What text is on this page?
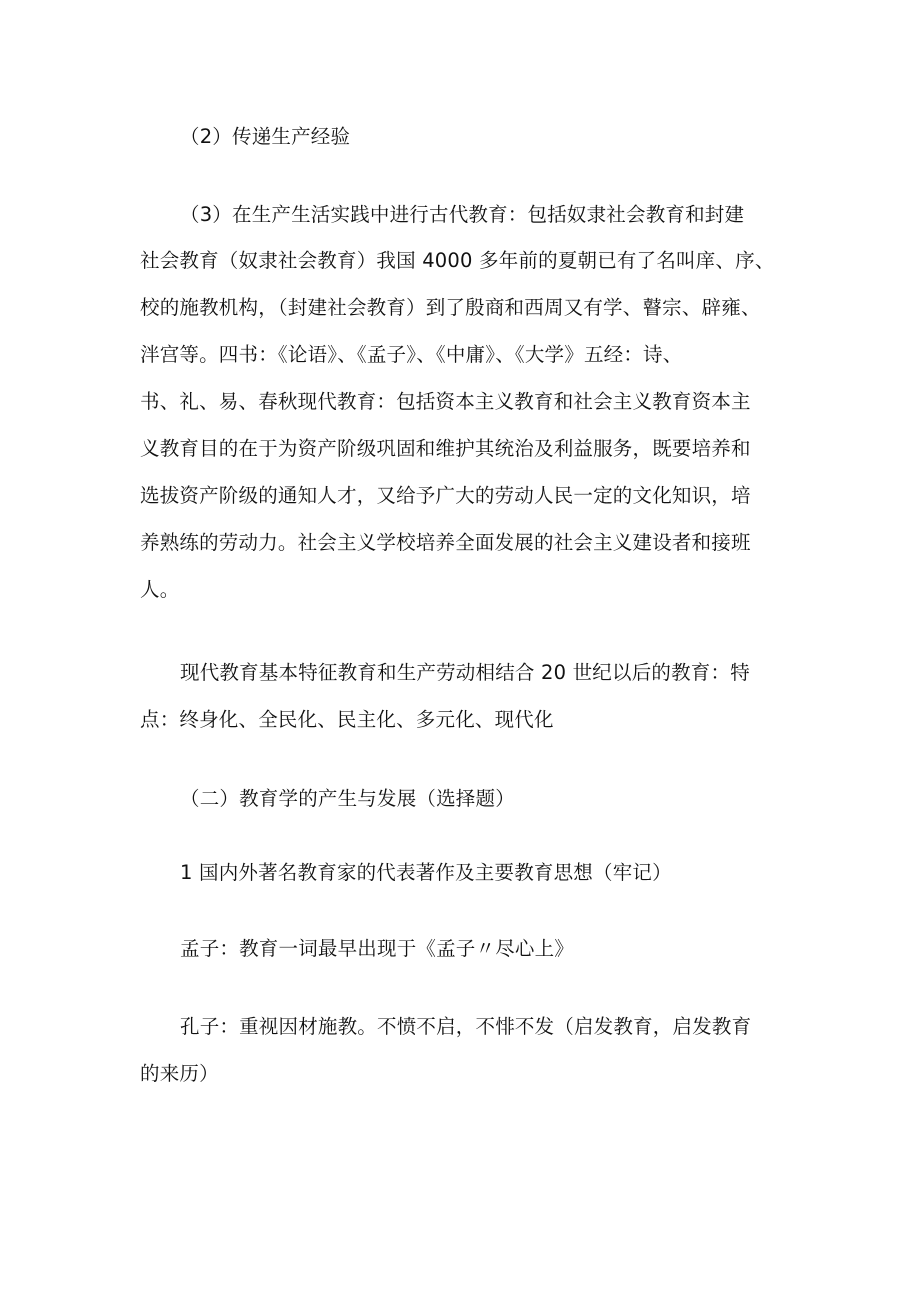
（2）传递生产经验
（3）在生产生活实践中进行古代教育：包括奴隶社会教育和封建
社会教育（奴隶社会教育）我国 4000 多年前的夏朝已有了名叫庠、序、
校的施教机构，（封建社会教育）到了殷商和西周又有学、瞽宗、辟雍、
泮宫等。四书：《论语》、《孟子》、《中庸》、《大学》五经：诗、
书、礼、易、春秋现代教育：包括资本主义教育和社会主义教育资本主
义教育目的在于为资产阶级巩固和维护其统治及利益服务，既要培养和
选拔资产阶级的通知人才，又给予广大的劳动人民一定的文化知识，培
养熟练的劳动力。社会主义学校培养全面发展的社会主义建设者和接班
人。
现代教育基本特征教育和生产劳动相结合 20 世纪以后的教育：特
点：终身化、全民化、民主化、多元化、现代化
（二）教育学的产生与发展（选择题）
1 国内外著名教育家的代表著作及主要教育思想（牢记）
孟子：教育一词最早出现于《孟子〃尽心上》
孔子：重视因材施教。不愤不启，不悱不发（启发教育，启发教育
的来历）
